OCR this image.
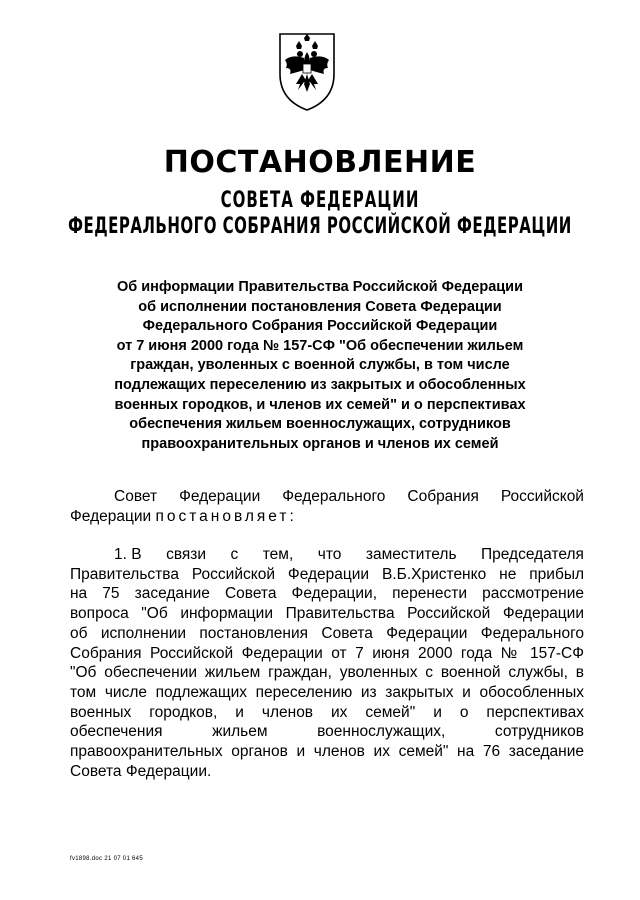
ПОСТАНОВЛЕНИЕ
СОВЕТА ФЕДЕРАЦИИ
ФЕДЕРАЛЬНОГО СОБРАНИЯ РОССИЙСКОЙ ФЕДЕРАЦИИ
Об информации Правительства Российской Федерации
об исполнении постановления Совета Федерации
Федерального Собрания Российской Федерации
от 7 июня 2000 года № 157-СФ "Об обеспечении жильем
граждан, уволенных с военной службы, в том числе
подлежащих переселению из закрытых и обособленных
военных городков, и членов их семей" и о перспективах
обеспечения жильем военнослужащих, сотрудников
правоохранительных органов и членов их семей
Совет Федерации Федерального Собрания Российской
Федерации постановляет:
1. В связи с тем, что заместитель Председателя
Правительства Российской Федерации В.Б.Христенко не прибыл
на 75 заседание Совета Федерации, перенести рассмотрение
вопроса "Об информации Правительства Российской Федерации
об исполнении постановления Совета Федерации Федерального
Собрания Российской Федерации от 7 июня 2000 года № 157-СФ
"Об обеспечении жильем граждан, уволенных с военной службы, в
том числе подлежащих переселению из закрытых и обособленных
военных городков, и членов их семей" и о перспективах
обеспечения	жильем	военнослужащих,	сотрудников
правоохранительных органов и членов их семей" на 76 заседание
Совета Федерации.
fv1898.doc 21 07 01 645
